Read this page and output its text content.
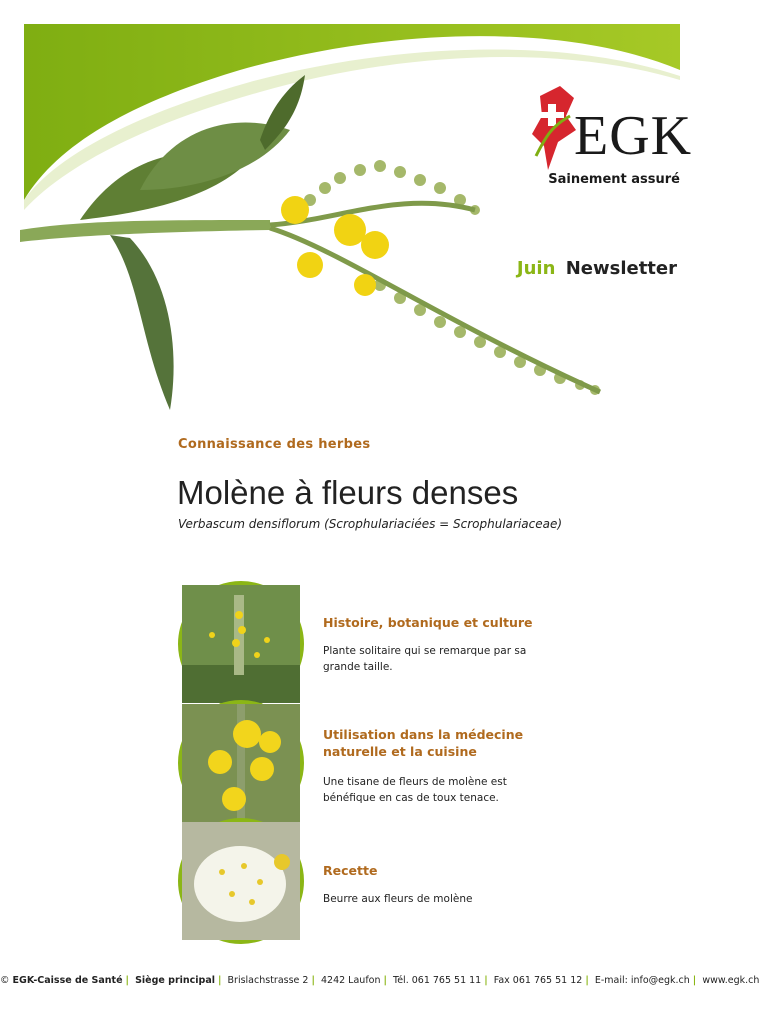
EGK
Sainement assuré
Juin Newsletter
Connaissance des herbes
Molène à fleurs denses
Verbascum densiflorum (Scrophulariaciées = Scrophulariaceae)
Histoire, botanique et culture
Plante solitaire qui se remarque par sa grande taille.
Utilisation dans la médecine naturelle et la cuisine
Une tisane de fleurs de molène est bénéfique en cas de toux tenace.
Recette
Beurre aux fleurs de molène
© EGK-Caisse de Santé | Siège principal | Brislachstrasse 2 | 4242 Laufon | Tél. 061 765 51 11 | Fax 061 765 51 12 | E-mail: info@egk.ch | www.egk.ch
